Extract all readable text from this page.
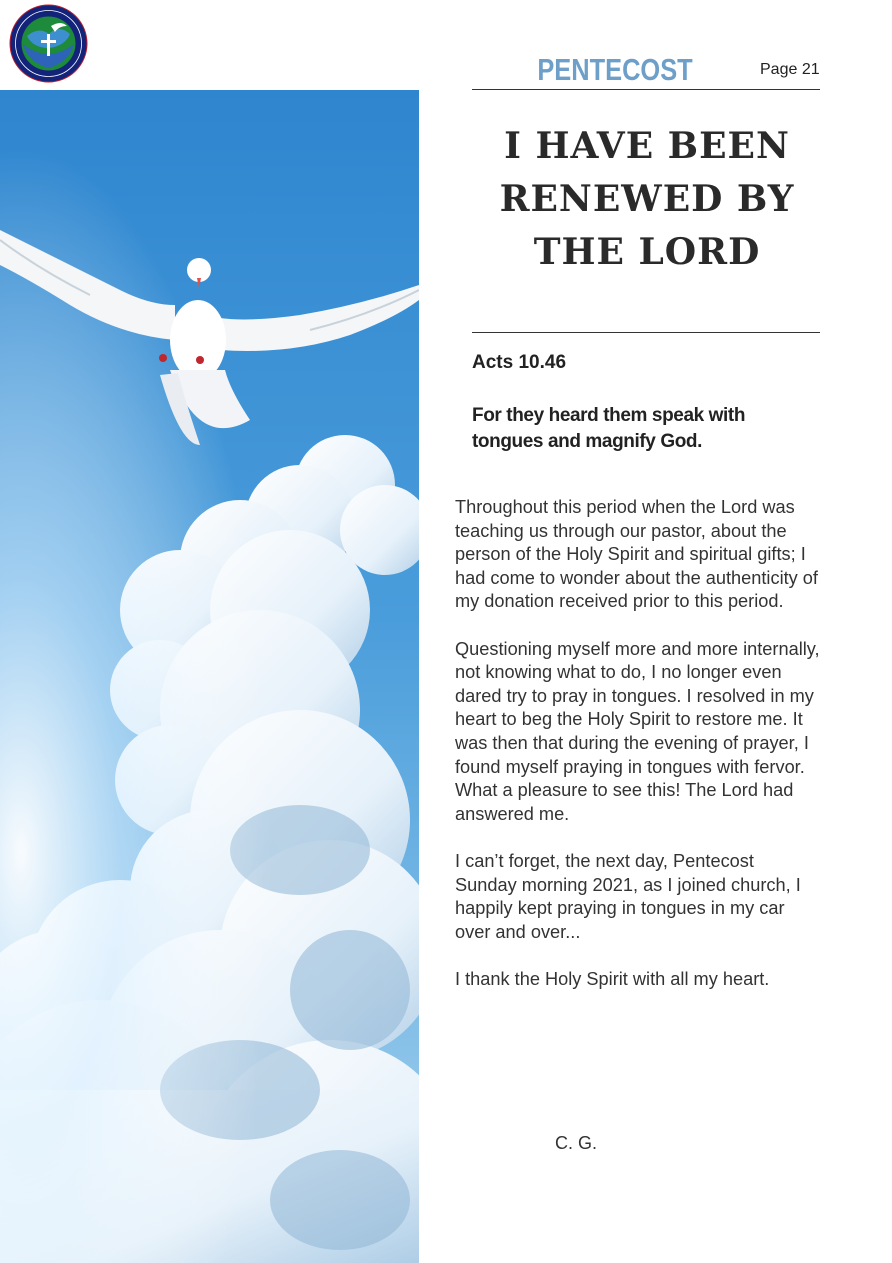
PENTECOST	Page 21
I HAVE BEEN RENEWED BY THE LORD
Acts 10.46
For they heard them speak with tongues and magnify God.

Throughout this period when the Lord was teaching us through our pastor, about the person of the Holy Spirit and spiritual gifts; I had come to wonder about the authenticity of my donation received prior to this period.

Questioning myself more and more internally, not knowing what to do, I no longer even dared try to pray in tongues. I resolved in my heart to beg the Holy Spirit to restore me. It was then that during the evening of prayer, I found myself praying in tongues with fervor.

What a pleasure to see this! The Lord had answered me.

I can’t forget, the next day, Pentecost Sunday morning 2021, as I joined church, I happily kept praying in tongues in my car over and over...

I thank the Holy Spirit with all my heart.

C. G.
